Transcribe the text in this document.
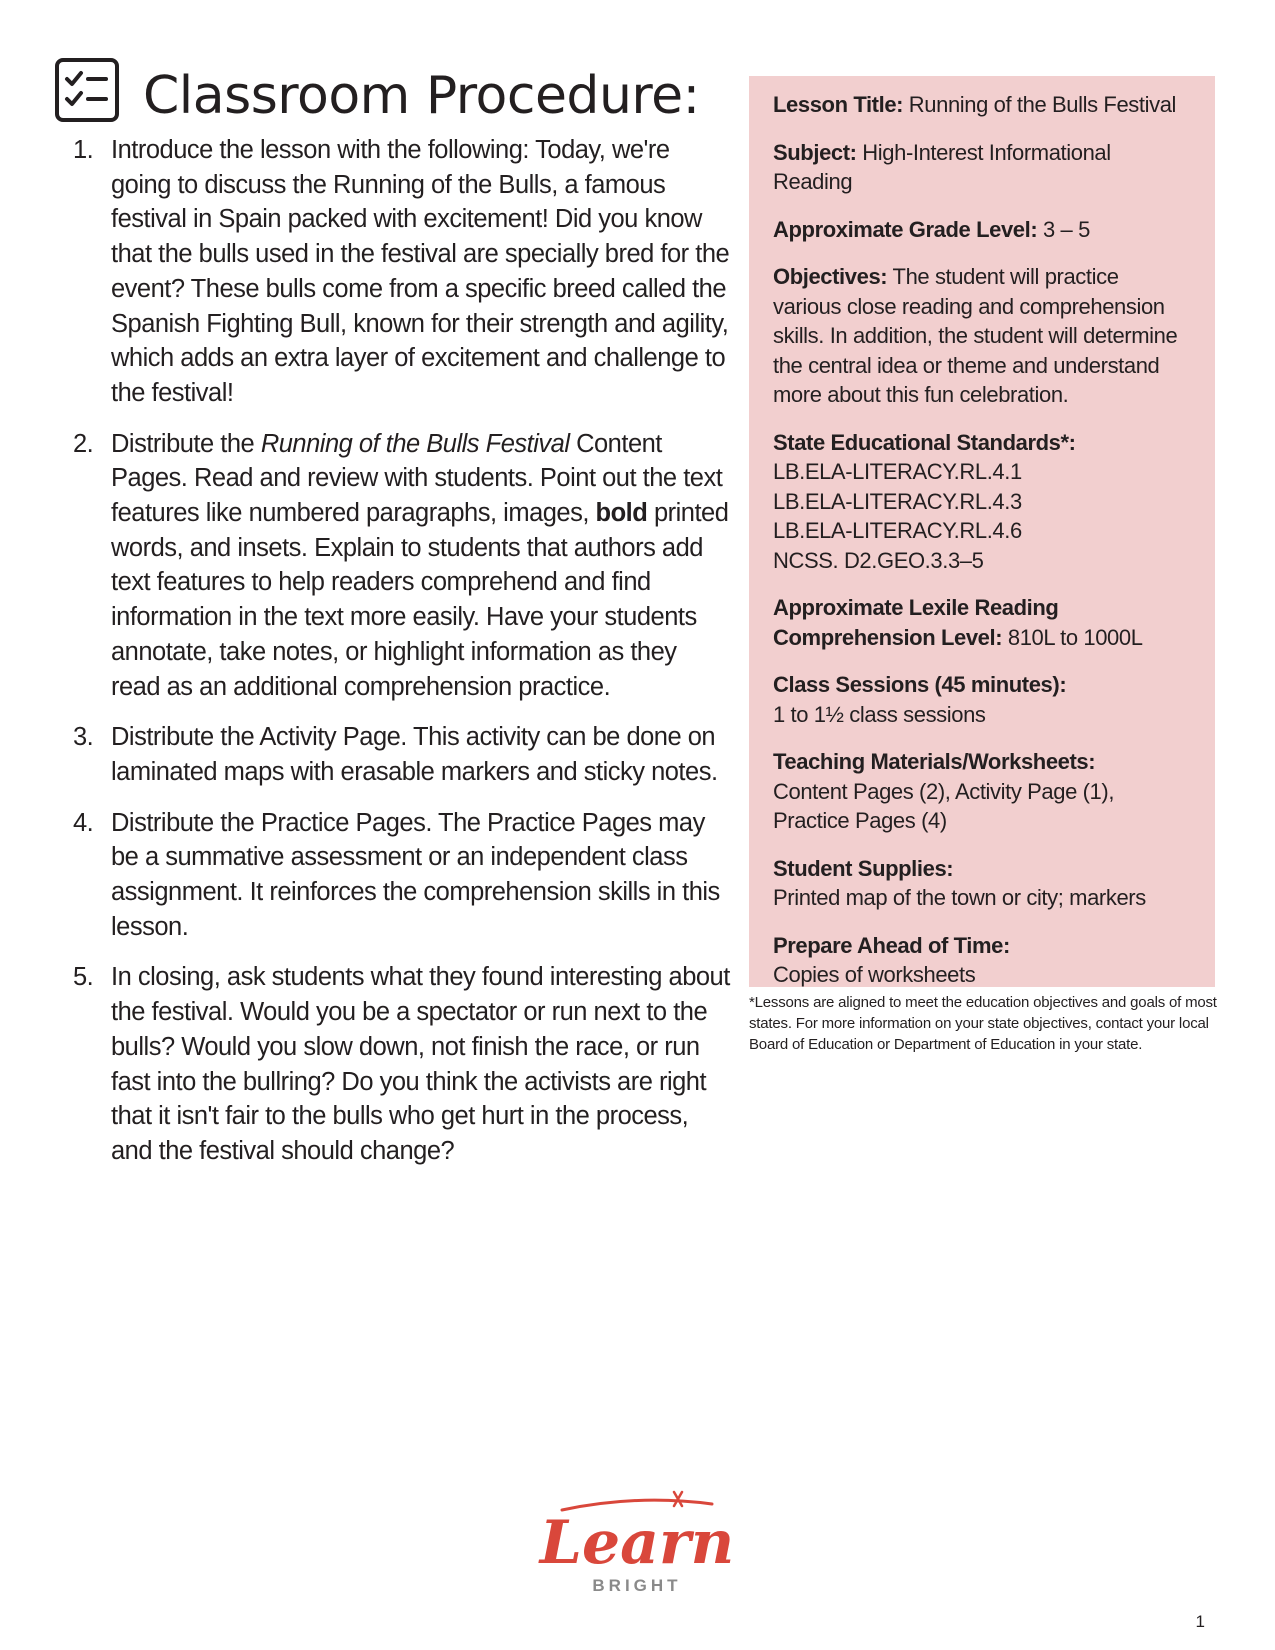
Classroom Procedure:
1. Introduce the lesson with the following: Today, we're going to discuss the Running of the Bulls, a famous festival in Spain packed with excitement! Did you know that the bulls used in the festival are specially bred for the event? These bulls come from a specific breed called the Spanish Fighting Bull, known for their strength and agility, which adds an extra layer of excitement and challenge to the festival!
2. Distribute the Running of the Bulls Festival Content Pages. Read and review with students. Point out the text features like numbered paragraphs, images, bold printed words, and insets. Explain to students that authors add text features to help readers comprehend and find information in the text more easily. Have your students annotate, take notes, or highlight information as they read as an additional comprehension practice.
3. Distribute the Activity Page. This activity can be done on laminated maps with erasable markers and sticky notes.
4. Distribute the Practice Pages. The Practice Pages may be a summative assessment or an independent class assignment. It reinforces the comprehension skills in this lesson.
5. In closing, ask students what they found interesting about the festival. Would you be a spectator or run next to the bulls? Would you slow down, not finish the race, or run fast into the bullring? Do you think the activists are right that it isn't fair to the bulls who get hurt in the process, and the festival should change?

Lesson Title: Running of the Bulls Festival

Subject: High-Interest Informational Reading

Approximate Grade Level: 3 – 5

Objectives: The student will practice various close reading and comprehension skills. In addition, the student will determine the central idea or theme and understand more about this fun celebration.

State Educational Standards*:
LB.ELA-LITERACY.RL.4.1
LB.ELA-LITERACY.RL.4.3
LB.ELA-LITERACY.RL.4.6
NCSS. D2.GEO.3.3–5

Approximate Lexile Reading Comprehension Level: 810L to 1000L

Class Sessions (45 minutes):
1 to 1½ class sessions

Teaching Materials/Worksheets:
Content Pages (2), Activity Page (1), Practice Pages (4)

Student Supplies:
Printed map of the town or city; markers

Prepare Ahead of Time:
Copies of worksheets

*Lessons are aligned to meet the education objectives and goals of most states. For more information on your state objectives, contact your local Board of Education or Department of Education in your state.
Learn
BRIGHT
1
